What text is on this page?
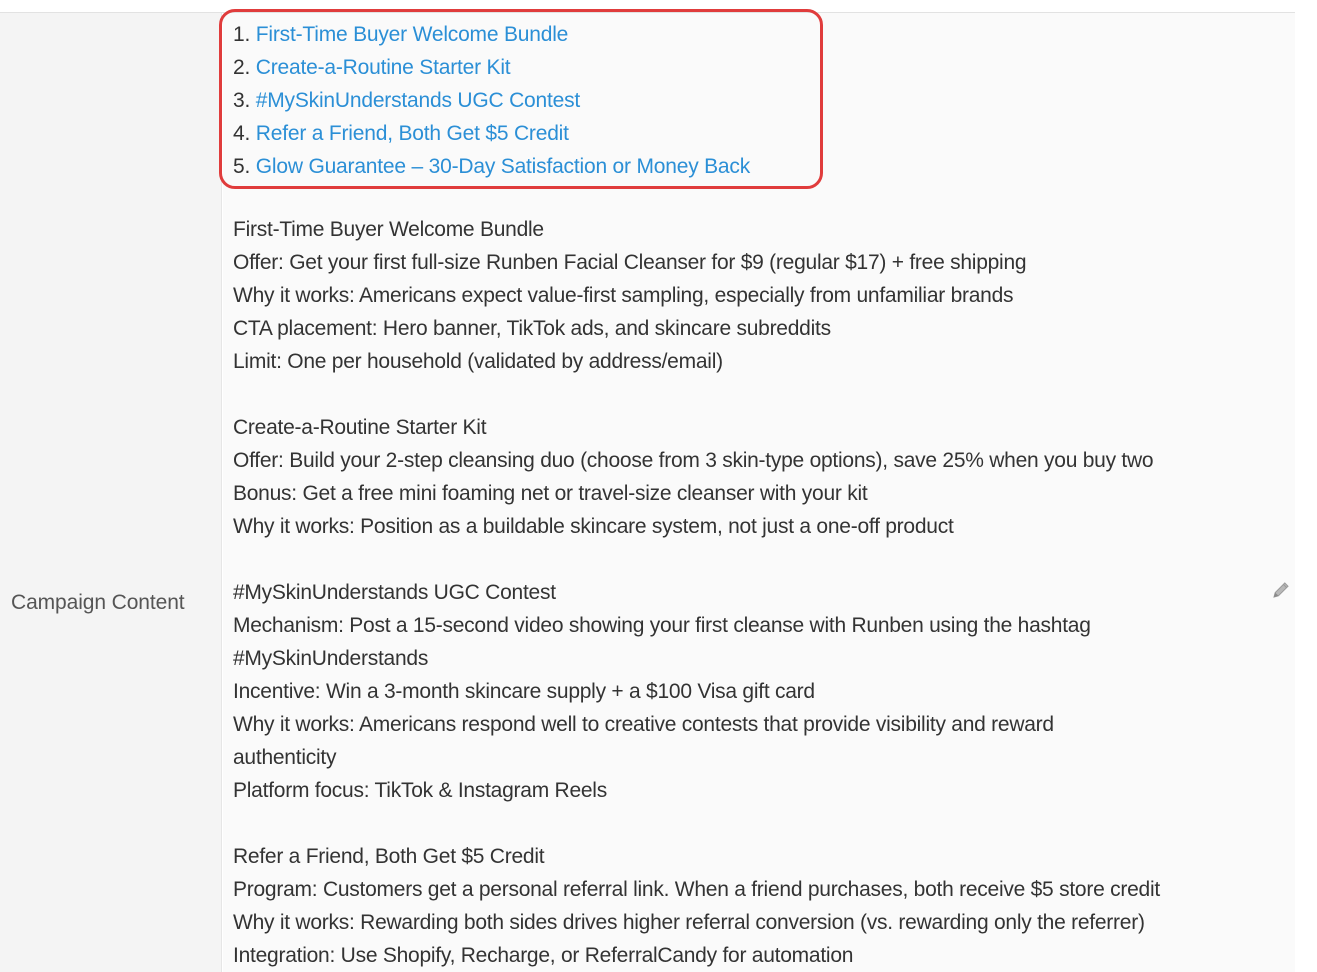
Campaign Content
1. First-Time Buyer Welcome Bundle
2. Create-a-Routine Starter Kit
3. #MySkinUnderstands UGC Contest
4. Refer a Friend, Both Get $5 Credit
5. Glow Guarantee – 30-Day Satisfaction or Money Back
First-Time Buyer Welcome Bundle
Offer: Get your first full-size Runben Facial Cleanser for $9 (regular $17) + free shipping
Why it works: Americans expect value-first sampling, especially from unfamiliar brands
CTA placement: Hero banner, TikTok ads, and skincare subreddits
Limit: One per household (validated by address/email)
Create-a-Routine Starter Kit
Offer: Build your 2-step cleansing duo (choose from 3 skin-type options), save 25% when you buy two
Bonus: Get a free mini foaming net or travel-size cleanser with your kit
Why it works: Position as a buildable skincare system, not just a one-off product
#MySkinUnderstands UGC Contest
Mechanism: Post a 15-second video showing your first cleanse with Runben using the hashtag
#MySkinUnderstands
Incentive: Win a 3-month skincare supply + a $100 Visa gift card
Why it works: Americans respond well to creative contests that provide visibility and reward
authenticity
Platform focus: TikTok & Instagram Reels
Refer a Friend, Both Get $5 Credit
Program: Customers get a personal referral link. When a friend purchases, both receive $5 store credit
Why it works: Rewarding both sides drives higher referral conversion (vs. rewarding only the referrer)
Integration: Use Shopify, Recharge, or ReferralCandy for automation
